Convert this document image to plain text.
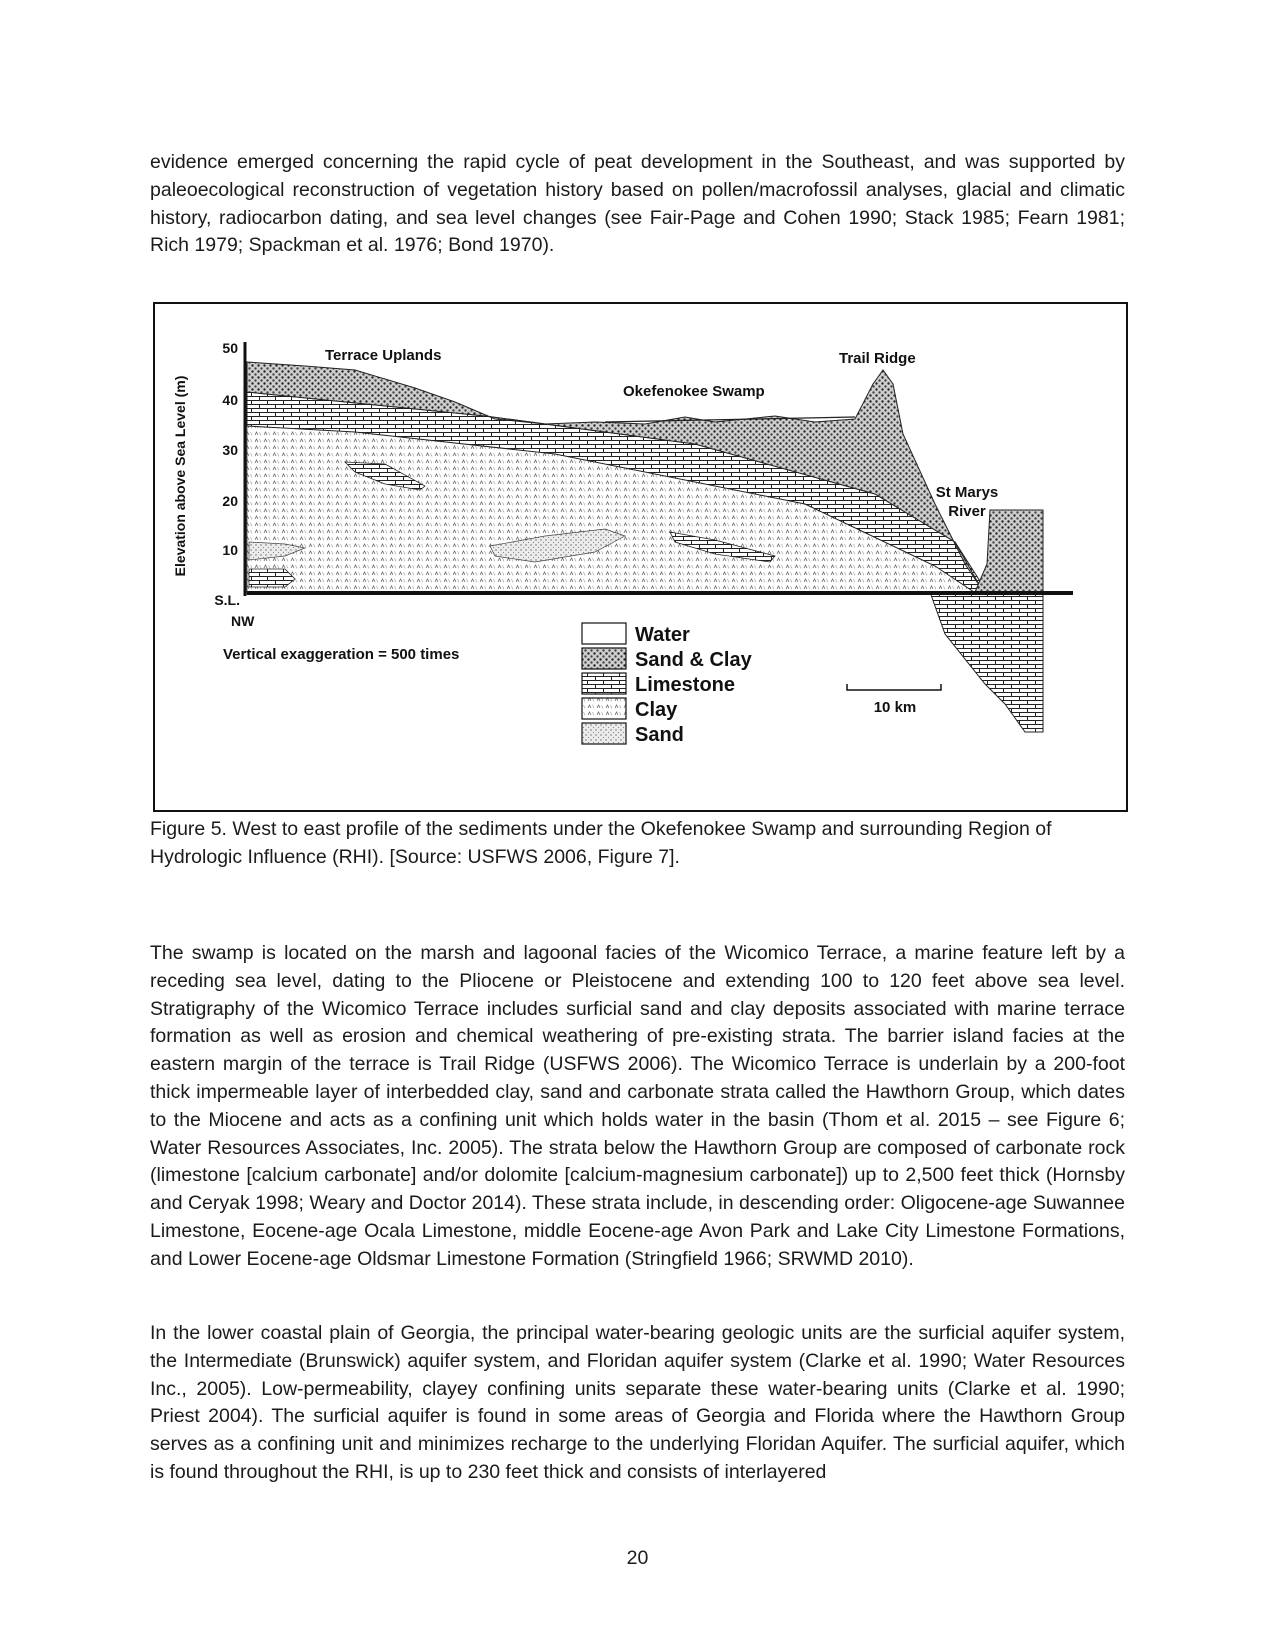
evidence emerged concerning the rapid cycle of peat development in the Southeast, and was supported by paleoecological reconstruction of vegetation history based on pollen/macrofossil analyses, glacial and climatic history, radiocarbon dating, and sea level changes (see Fair-Page and Cohen 1990; Stack 1985; Fearn 1981; Rich 1979; Spackman et al. 1976; Bond 1970).

Elevation above Sea Level (m)
50
40
30
20
10
S.L.
NW
Terrace Uplands
Okefenokee Swamp
Trail Ridge
St Marys
River
Vertical exaggeration = 500 times
Water
Sand & Clay
Limestone
Clay
Sand
10 km

Figure 5. West to east profile of the sediments under the Okefenokee Swamp and surrounding Region of Hydrologic Influence (RHI). [Source: USFWS 2006, Figure 7].

The swamp is located on the marsh and lagoonal facies of the Wicomico Terrace, a marine feature left by a receding sea level, dating to the Pliocene or Pleistocene and extending 100 to 120 feet above sea level. Stratigraphy of the Wicomico Terrace includes surficial sand and clay deposits associated with marine terrace formation as well as erosion and chemical weathering of pre-existing strata. The barrier island facies at the eastern margin of the terrace is Trail Ridge (USFWS 2006). The Wicomico Terrace is underlain by a 200-foot thick impermeable layer of interbedded clay, sand and carbonate strata called the Hawthorn Group, which dates to the Miocene and acts as a confining unit which holds water in the basin (Thom et al. 2015 – see Figure 6; Water Resources Associates, Inc. 2005). The strata below the Hawthorn Group are composed of carbonate rock (limestone [calcium carbonate] and/or dolomite [calcium-magnesium carbonate]) up to 2,500 feet thick (Hornsby and Ceryak 1998; Weary and Doctor 2014). These strata include, in descending order: Oligocene-age Suwannee Limestone, Eocene-age Ocala Limestone, middle Eocene-age Avon Park and Lake City Limestone Formations, and Lower Eocene-age Oldsmar Limestone Formation (Stringfield 1966; SRWMD 2010).

In the lower coastal plain of Georgia, the principal water-bearing geologic units are the surficial aquifer system, the Intermediate (Brunswick) aquifer system, and Floridan aquifer system (Clarke et al. 1990; Water Resources Inc., 2005). Low-permeability, clayey confining units separate these water-bearing units (Clarke et al. 1990; Priest 2004). The surficial aquifer is found in some areas of Georgia and Florida where the Hawthorn Group serves as a confining unit and minimizes recharge to the underlying Floridan Aquifer. The surficial aquifer, which is found throughout the RHI, is up to 230 feet thick and consists of interlayered

20
